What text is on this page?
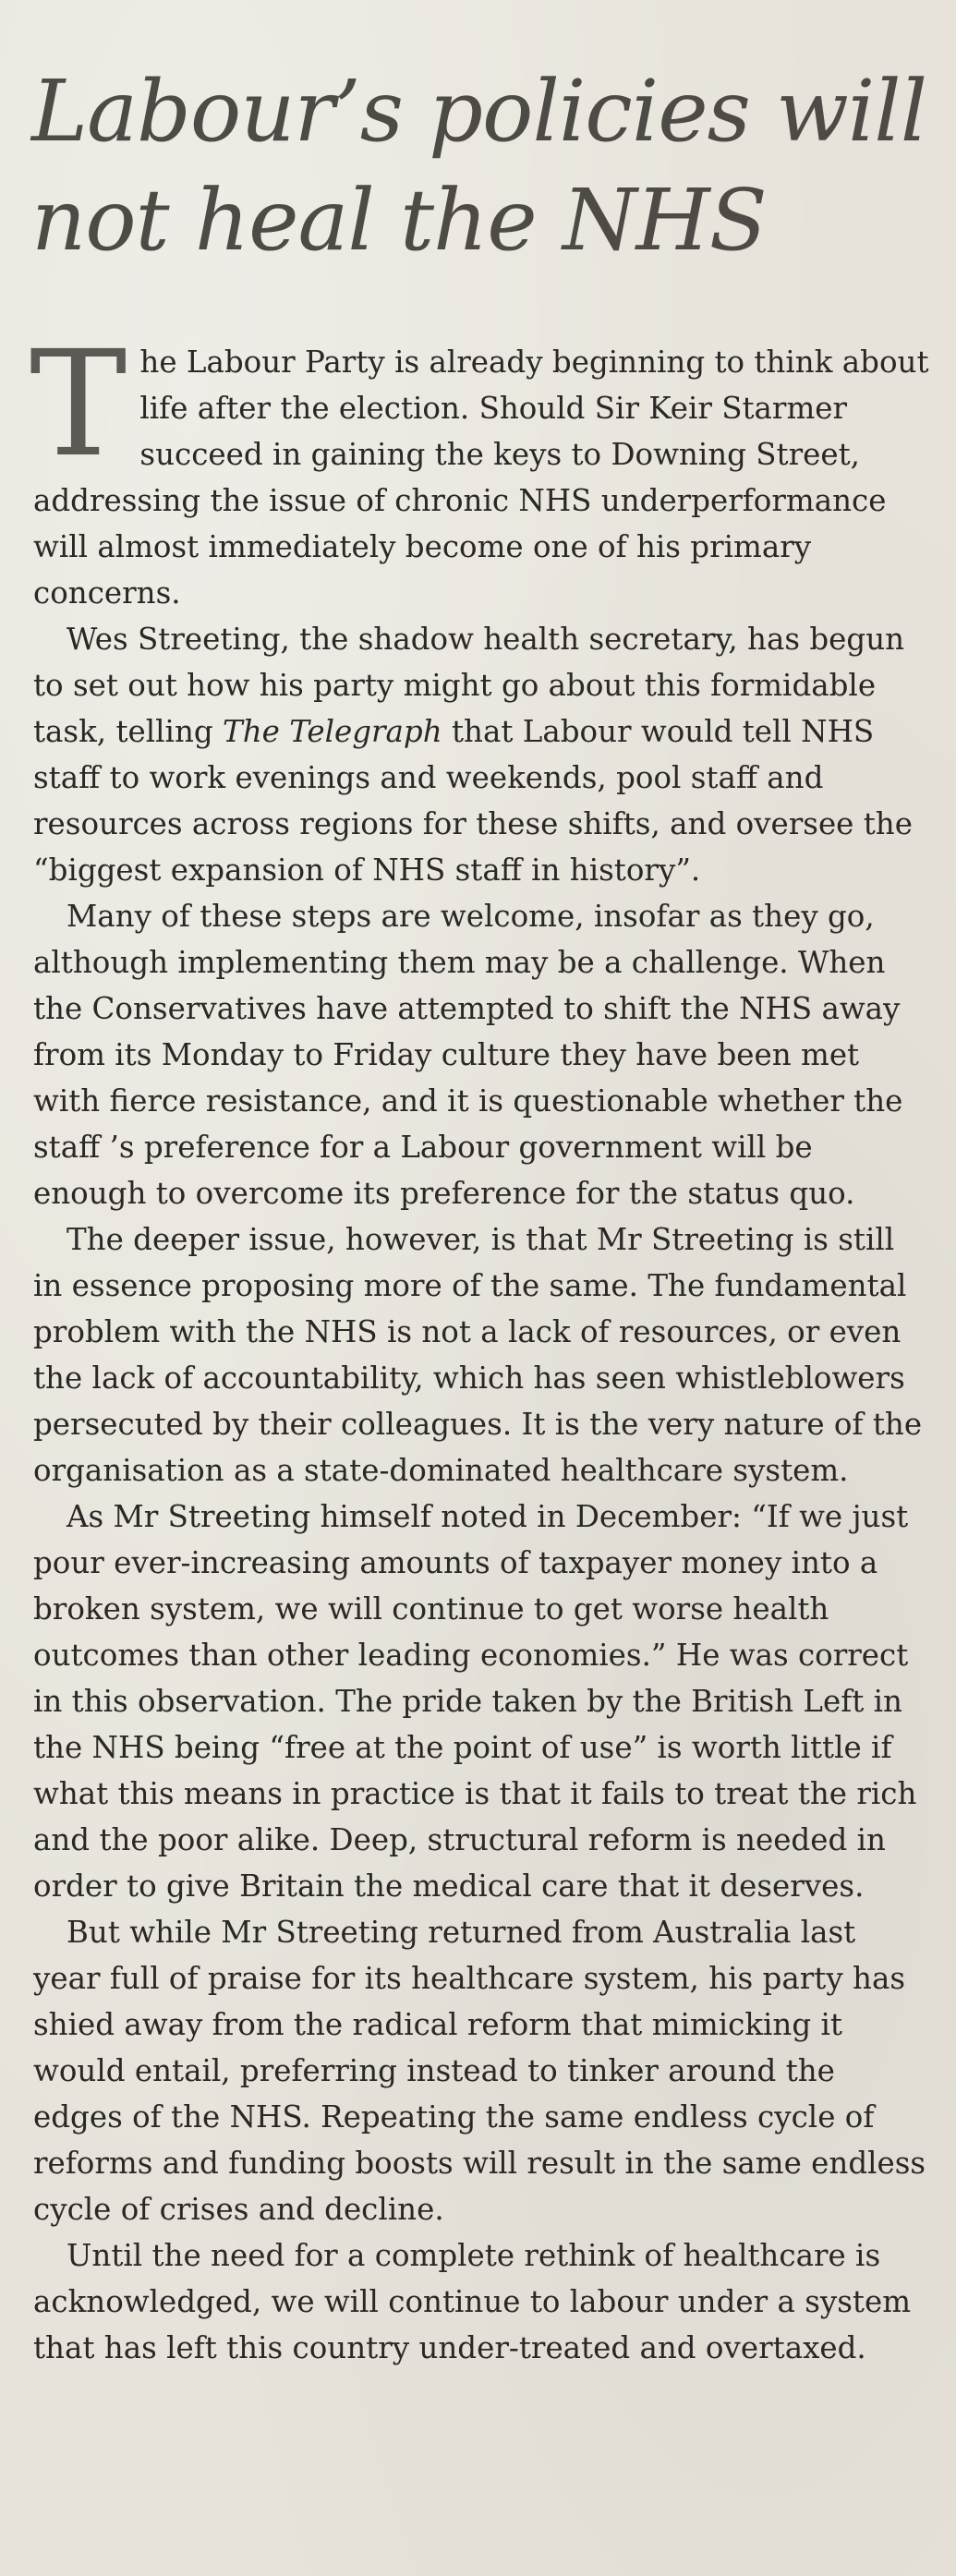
Labour’s policies will
not heal the NHS

The Labour Party is already beginning to think about life after the election. Should Sir Keir Starmer succeed in gaining the keys to Downing Street, addressing the issue of chronic NHS underperformance will almost immediately become one of his primary concerns.

Wes Streeting, the shadow health secretary, has begun to set out how his party might go about this formidable task, telling The Telegraph that Labour would tell NHS staff to work evenings and weekends, pool staff and resources across regions for these shifts, and oversee the “biggest expansion of NHS staff in history”.

Many of these steps are welcome, insofar as they go, although implementing them may be a challenge. When the Conservatives have attempted to shift the NHS away from its Monday to Friday culture they have been met with fierce resistance, and it is questionable whether the staff ’s preference for a Labour government will be enough to overcome its preference for the status quo.

The deeper issue, however, is that Mr Streeting is still in essence proposing more of the same. The fundamental problem with the NHS is not a lack of resources, or even the lack of accountability, which has seen whistleblowers persecuted by their colleagues. It is the very nature of the organisation as a state-dominated healthcare system.

As Mr Streeting himself noted in December: “If we just pour ever-increasing amounts of taxpayer money into a broken system, we will continue to get worse health outcomes than other leading economies.” He was correct in this observation. The pride taken by the British Left in the NHS being “free at the point of use” is worth little if what this means in practice is that it fails to treat the rich and the poor alike. Deep, structural reform is needed in order to give Britain the medical care that it deserves.

But while Mr Streeting returned from Australia last year full of praise for its healthcare system, his party has shied away from the radical reform that mimicking it would entail, preferring instead to tinker around the edges of the NHS. Repeating the same endless cycle of reforms and funding boosts will result in the same endless cycle of crises and decline.

Until the need for a complete rethink of healthcare is acknowledged, we will continue to labour under a system that has left this country under-treated and overtaxed.
